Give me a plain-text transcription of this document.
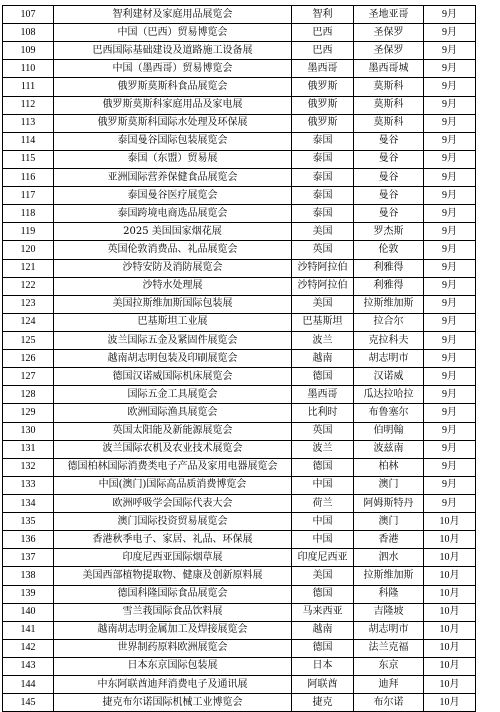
107	智利建材及家庭用品展览会	智利	圣地亚哥	9月
108	中国（巴西）贸易博览会	巴西	圣保罗	9月
109	巴西国际基础建设及道路施工设备展	巴西	圣保罗	9月
110	中国（墨西哥）贸易博览会	墨西哥	墨西哥城	9月
111	俄罗斯莫斯科食品展览会	俄罗斯	莫斯科	9月
112	俄罗斯莫斯科家庭用品及家电展	俄罗斯	莫斯科	9月
113	俄罗斯莫斯科国际水处理及环保展	俄罗斯	莫斯科	9月
114	泰国曼谷国际包装展览会	泰国	曼谷	9月
115	泰国（东盟）贸易展	泰国	曼谷	9月
116	亚洲国际营养保健食品展览会	泰国	曼谷	9月
117	泰国曼谷医疗展览会	泰国	曼谷	9月
118	泰国跨境电商选品展览会	泰国	曼谷	9月
119	2025 美国国家烟花展	美国	罗杰斯	9月
120	英国伦敦消费品、礼品展览会	英国	伦敦	9月
121	沙特安防及消防展览会	沙特阿拉伯	利雅得	9月
122	沙特水处理展	沙特阿拉伯	利雅得	9月
123	美国拉斯维加斯国际包装展	美国	拉斯维加斯	9月
124	巴基斯坦工业展	巴基斯坦	拉合尔	9月
125	波兰国际五金及紧固件展览会	波兰	克拉科夫	9月
126	越南胡志明包装及印刷展览会	越南	胡志明市	9月
127	德国汉诺威国际机床展览会	德国	汉诺威	9月
128	国际五金工具展览会	墨西哥	瓜达拉哈拉	9月
129	欧洲国际渔具展览会	比利时	布鲁塞尔	9月
130	英国太阳能及新能源展览会	英国	伯明翰	9月
131	波兰国际农机及农业技术展览会	波兰	波兹南	9月
132	德国柏林国际消费类电子产品及家用电器展览会	德国	柏林	9月
133	中国(澳门)国际高品质消费博览会	中国	澳门	9月
134	欧洲呼吸学会国际代表大会	荷兰	阿姆斯特丹	9月
135	澳门国际投资贸易展览会	中国	澳门	10月
136	香港秋季电子、家居、礼品、环保展	中国	香港	10月
137	印度尼西亚国际烟草展	印度尼西亚	泗水	10月
138	美国西部植物提取物、健康及创新原料展	美国	拉斯维加斯	10月
139	德国科隆国际食品展览会	德国	科隆	10月
140	雪兰莪国际食品饮料展	马来西亚	吉隆坡	10月
141	越南胡志明金属加工及焊接展览会	越南	胡志明市	10月
142	世界制药原料欧洲展览会	德国	法兰克福	10月
143	日本东京国际包装展	日本	东京	10月
144	中东阿联酋迪拜消费电子及通讯展	阿联酋	迪拜	10月
145	捷克布尔诺国际机械工业博览会	捷克	布尔诺	10月
